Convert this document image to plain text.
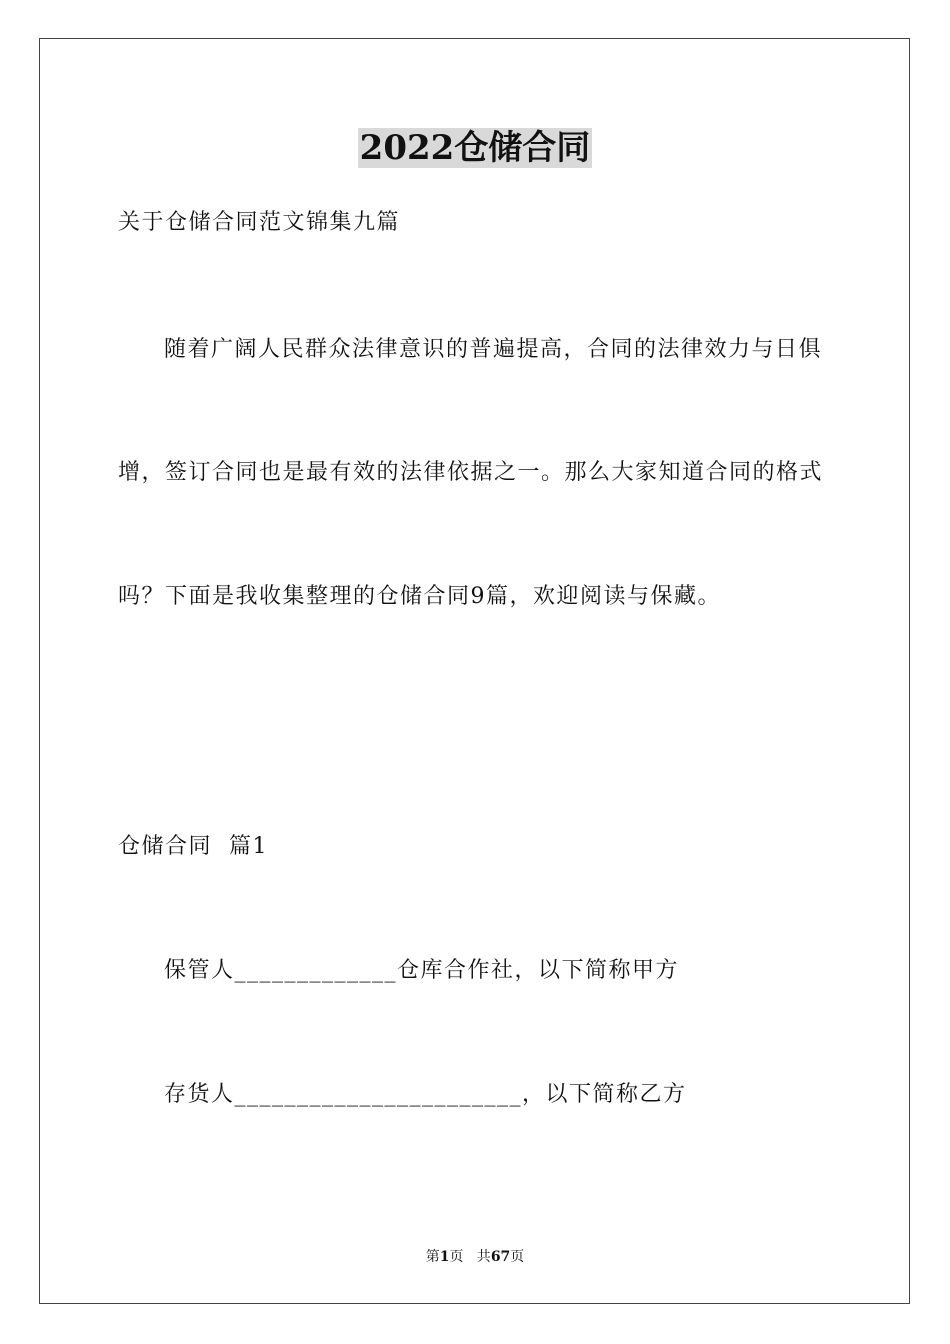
2022仓储合同
关于仓储合同范文锦集九篇
随着广阔人民群众法律意识的普遍提高，合同的法律效力与日俱
增，签订合同也是最有效的法律依据之一。那么大家知道合同的格式
吗？下面是我收集整理的仓储合同9篇，欢迎阅读与保藏。
仓储合同  篇1
保管人_____________仓库合作社，以下简称甲方
存货人_______________________，以下简称乙方
第1页   共67页
